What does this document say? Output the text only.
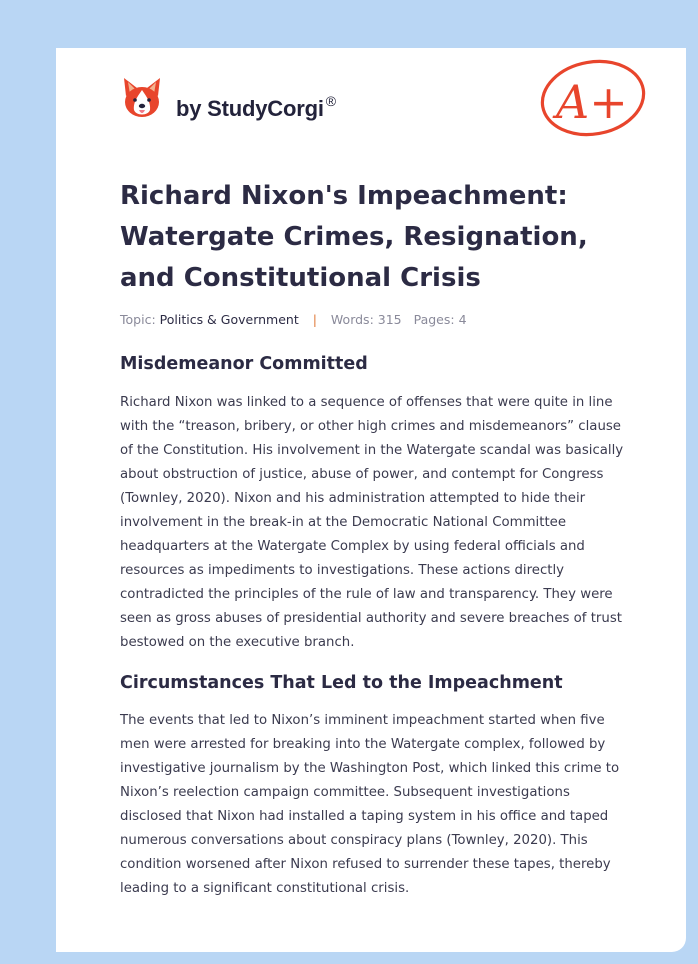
by StudyCorgi ®	A+
Richard Nixon's Impeachment: Watergate Crimes, Resignation, and Constitutional Crisis
Topic: Politics & Government | Words: 315 Pages: 4
Misdemeanor Committed

Richard Nixon was linked to a sequence of offenses that were quite in line with the “treason, bribery, or other high crimes and misdemeanors” clause of the Constitution. His involvement in the Watergate scandal was basically about obstruction of justice, abuse of power, and contempt for Congress (Townley, 2020). Nixon and his administration attempted to hide their involvement in the break-in at the Democratic National Committee headquarters at the Watergate Complex by using federal officials and resources as impediments to investigations. These actions directly contradicted the principles of the rule of law and transparency. They were seen as gross abuses of presidential authority and severe breaches of trust bestowed on the executive branch.

Circumstances That Led to the Impeachment

The events that led to Nixon’s imminent impeachment started when five men were arrested for breaking into the Watergate complex, followed by investigative journalism by the Washington Post, which linked this crime to Nixon’s reelection campaign committee. Subsequent investigations disclosed that Nixon had installed a taping system in his office and taped numerous conversations about conspiracy plans (Townley, 2020). This condition worsened after Nixon refused to surrender these tapes, thereby leading to a significant constitutional crisis.
